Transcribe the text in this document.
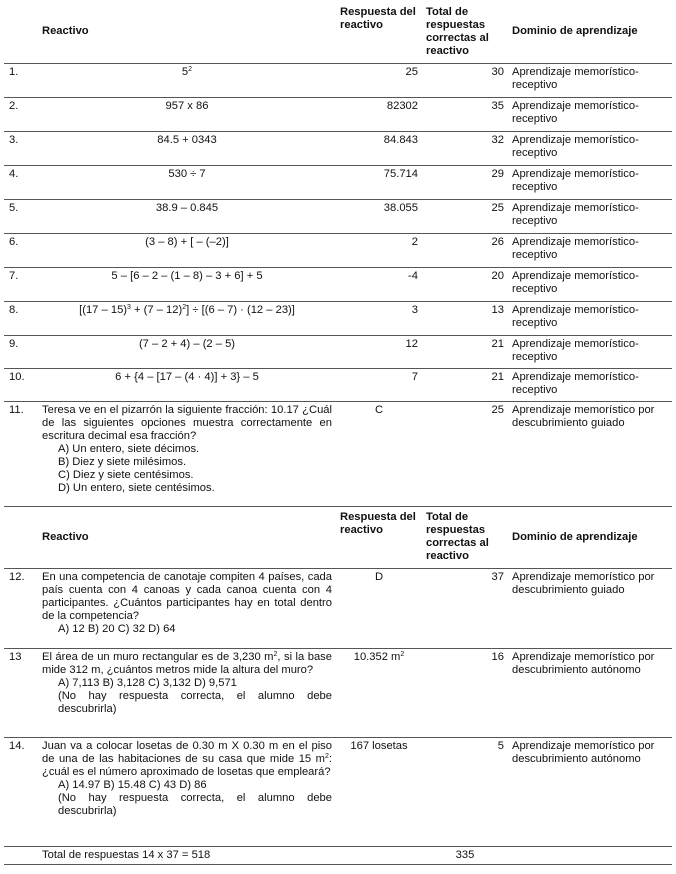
	Reactivo	Respuesta del reactivo	Total de respuestas correctas al reactivo	Dominio de aprendizaje
1.	$5^2$	25	30	Aprendizaje memorístico-receptivo
2.	957 x 86	82302	35	Aprendizaje memorístico-receptivo
3.	84.5 + 0343	84.843	32	Aprendizaje memorístico-receptivo
4.	530 ÷ 7	75.714	29	Aprendizaje memorístico-receptivo
5.	38.9 – 0.845	38.055	25	Aprendizaje memorístico-receptivo
6.	(3 – 8) + [ – (–2)]	2	26	Aprendizaje memorístico-receptivo
7.	5 – [6 – 2 – (1 – 8) – 3 + 6] + 5	-4	20	Aprendizaje memorístico-receptivo
8.	[(17 – 15)$^3$ + (7 – 12)$^2$] ÷ [(6 – 7) · (12 – 23)]	3	13	Aprendizaje memorístico-receptivo
9.	(7 – 2 + 4) – (2 – 5)	12	21	Aprendizaje memorístico-receptivo
10.	6 + {4 – [17 – (4 · 4)] + 3} – 5	7	21	Aprendizaje memorístico-receptivo
11.	Teresa ve en el pizarrón la siguiente fracción: 10.17 ¿Cuál de las siguientes opciones muestra correctamente en escritura decimal esa fracción?
A) Un entero, siete décimos.
B) Diez y siete milésimos.
C) Diez y siete centésimos.
D) Un entero, siete centésimos.	C	25	Aprendizaje memorístico por descubrimiento guiado
	Reactivo	Respuesta del reactivo	Total de respuestas correctas al reactivo	Dominio de aprendizaje
12.	En una competencia de canotaje compiten 4 países, cada país cuenta con 4 canoas y cada canoa cuenta con 4 participantes. ¿Cuántos participantes hay en total dentro de la competencia?
A) 12 B) 20 C) 32 D) 64	D	37	Aprendizaje memorístico por descubrimiento guiado
13	El área de un muro rectangular es de 3,230 $m^2$, si la base mide 312 m, ¿cuántos metros mide la altura del muro?
A) 7,113 B) 3,128 C) 3,132 D) 9,571
(No hay respuesta correcta, el alumno debe descubrirla)	10.352 $m^2$	16	Aprendizaje memorístico por descubrimiento autónomo
14.	Juan va a colocar losetas de 0.30 m X 0.30 m en el piso de una de las habitaciones de su casa que mide 15 $m^2$: ¿cuál es el número aproximado de losetas que empleará?
A) 14.97 B) 15.48 C) 43 D) 86
(No hay respuesta correcta, el alumno debe descubrirla)	167 losetas	5	Aprendizaje memorístico por descubrimiento autónomo
	Total de respuestas 14 x 37 = 518		335	
